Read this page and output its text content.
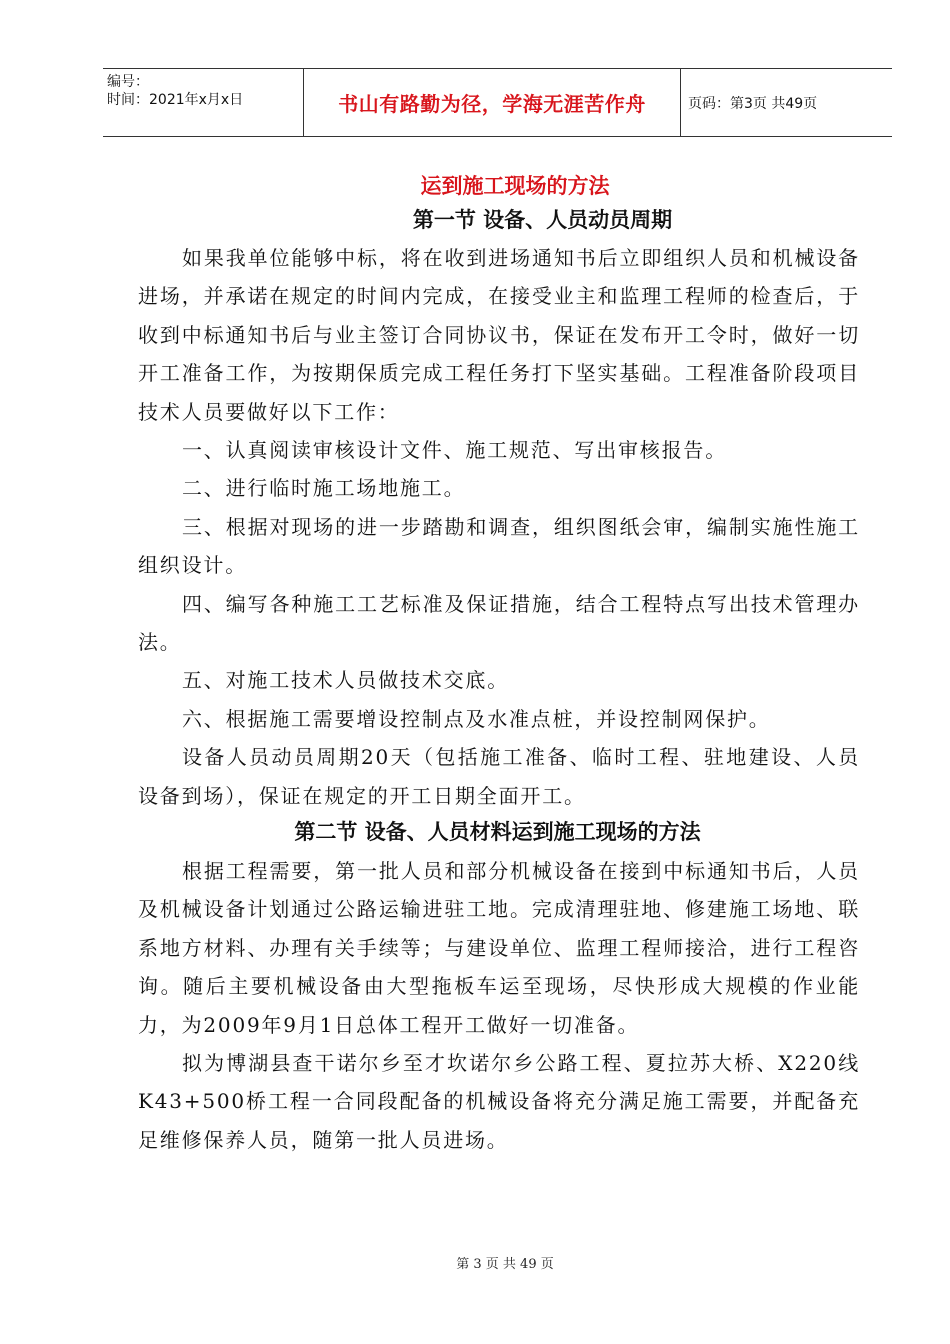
编号：
时间：2021年x月x日	书山有路勤为径，学海无涯苦作舟	页码：第3页 共49页
运到施工现场的方法
第一节 设备、人员动员周期

如果我单位能够中标，将在收到进场通知书后立即组织人员和机械设备进场，并承诺在规定的时间内完成，在接受业主和监理工程师的检查后，于收到中标通知书后与业主签订合同协议书，保证在发布开工令时，做好一切开工准备工作，为按期保质完成工程任务打下坚实基础。工程准备阶段项目技术人员要做好以下工作：

一、认真阅读审核设计文件、施工规范、写出审核报告。

二、进行临时施工场地施工。

三、根据对现场的进一步踏勘和调查，组织图纸会审，编制实施性施工组织设计。

四、编写各种施工工艺标准及保证措施，结合工程特点写出技术管理办法。

五、对施工技术人员做技术交底。

六、根据施工需要增设控制点及水准点桩，并设控制网保护。

设备人员动员周期20天（包括施工准备、临时工程、驻地建设、人员设备到场），保证在规定的开工日期全面开工。

第二节 设备、人员材料运到施工现场的方法

根据工程需要，第一批人员和部分机械设备在接到中标通知书后，人员及机械设备计划通过公路运输进驻工地。完成清理驻地、修建施工场地、联系地方材料、办理有关手续等；与建设单位、监理工程师接洽，进行工程咨询。随后主要机械设备由大型拖板车运至现场，尽快形成大规模的作业能力，为2009年9月1日总体工程开工做好一切准备。

拟为博湖县查干诺尔乡至才坎诺尔乡公路工程、夏拉苏大桥、X220线K43+500桥工程一合同段配备的机械设备将充分满足施工需要，并配备充足维修保养人员，随第一批人员进场。

第 3 页 共 49 页
